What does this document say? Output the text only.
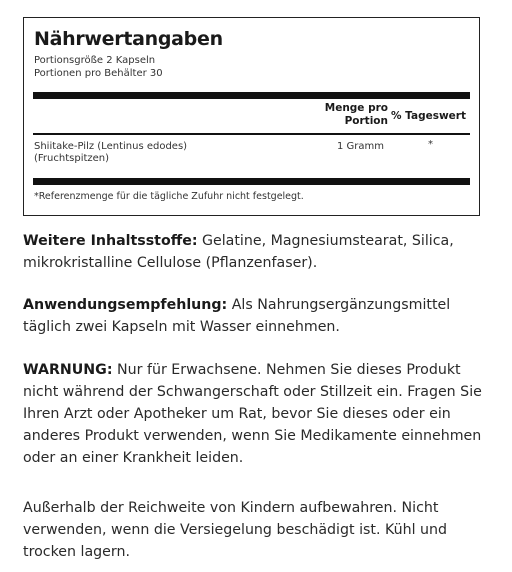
Nährwertangaben
Portionsgröße 2 Kapseln
Portionen pro Behälter 30
Menge pro Portion % Tageswert
Shiitake-Pilz (Lentinus edodes) (Fruchtspitzen)
1 Gramm	*
*Referenzmenge für die tägliche Zufuhr nicht festgelegt.
Weitere Inhaltsstoffe: Gelatine, Magnesiumstearat, Silica, mikrokristalline Cellulose (Pflanzenfaser).
Anwendungsempfehlung: Als Nahrungsergänzungsmittel täglich zwei Kapseln mit Wasser einnehmen.
WARNUNG: Nur für Erwachsene. Nehmen Sie dieses Produkt nicht während der Schwangerschaft oder Stillzeit ein. Fragen Sie Ihren Arzt oder Apotheker um Rat, bevor Sie dieses oder ein anderes Produkt verwenden, wenn Sie Medikamente einnehmen oder an einer Krankheit leiden.
Außerhalb der Reichweite von Kindern aufbewahren. Nicht verwenden, wenn die Versiegelung beschädigt ist. Kühl und trocken lagern.
